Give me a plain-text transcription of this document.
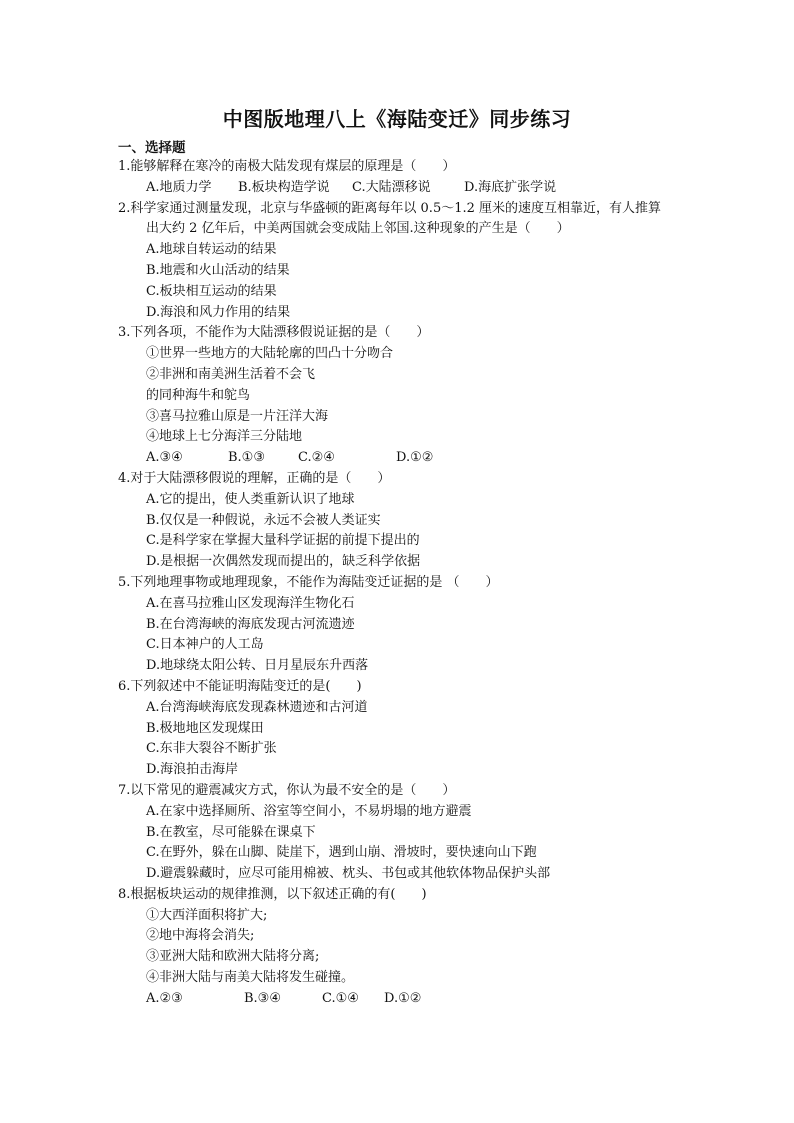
中图版地理八上《海陆变迁》同步练习
一、选择题
1.能够解释在寒冷的南极大陆发现有煤层的原理是（　　）
A.地质力学 B.板块构造学说 C.大陆漂移说	D.海底扩张学说
2.科学家通过测量发现，北京与华盛顿的距离每年以 0.5～1.2 厘米的速度互相靠近，有人推算
出大约 2 亿年后，中美两国就会变成陆上邻国.这种现象的产生是（　　）
A.地球自转运动的结果
B.地震和火山活动的结果
C.板块相互运动的结果
D.海浪和风力作用的结果
3.下列各项，不能作为大陆漂移假说证据的是（　　）
①世界一些地方的大陆轮廓的凹凸十分吻合
②非洲和南美洲生活着不会飞
的同种海牛和鸵鸟
③喜马拉雅山原是一片汪洋大海
④地球上七分海洋三分陆地
A.③④	B.①③	C.②④	D.①②
4.对于大陆漂移假说的理解，正确的是（　　）
A.它的提出，使人类重新认识了地球
B.仅仅是一种假说，永远不会被人类证实
C.是科学家在掌握大量科学证据的前提下提出的
D.是根据一次偶然发现而提出的，缺乏科学依据
5.下列地理事物或地理现象，不能作为海陆变迁证据的是 （　　）
A.在喜马拉雅山区发现海洋生物化石
B.在台湾海峡的海底发现古河流遗迹
C.日本神户的人工岛
D.地球绕太阳公转、日月星辰东升西落
6.下列叙述中不能证明海陆变迁的是(　　)
A.台湾海峡海底发现森林遗迹和古河道
B.极地地区发现煤田
C.东非大裂谷不断扩张
D.海浪拍击海岸
7.以下常见的避震减灾方式，你认为最不安全的是（　　）
A.在家中选择厕所、浴室等空间小，不易坍塌的地方避震
B.在教室，尽可能躲在课桌下
C.在野外，躲在山脚、陡崖下，遇到山崩、滑坡时，要快速向山下跑
D.避震躲藏时，应尽可能用棉被、枕头、书包或其他软体物品保护头部
8.根据板块运动的规律推测，以下叙述正确的有(　　)
①大西洋面积将扩大;
②地中海将会消失;
③亚洲大陆和欧洲大陆将分离;
④非洲大陆与南美大陆将发生碰撞。
A.②③	B.③④	C.①④ D.①②
